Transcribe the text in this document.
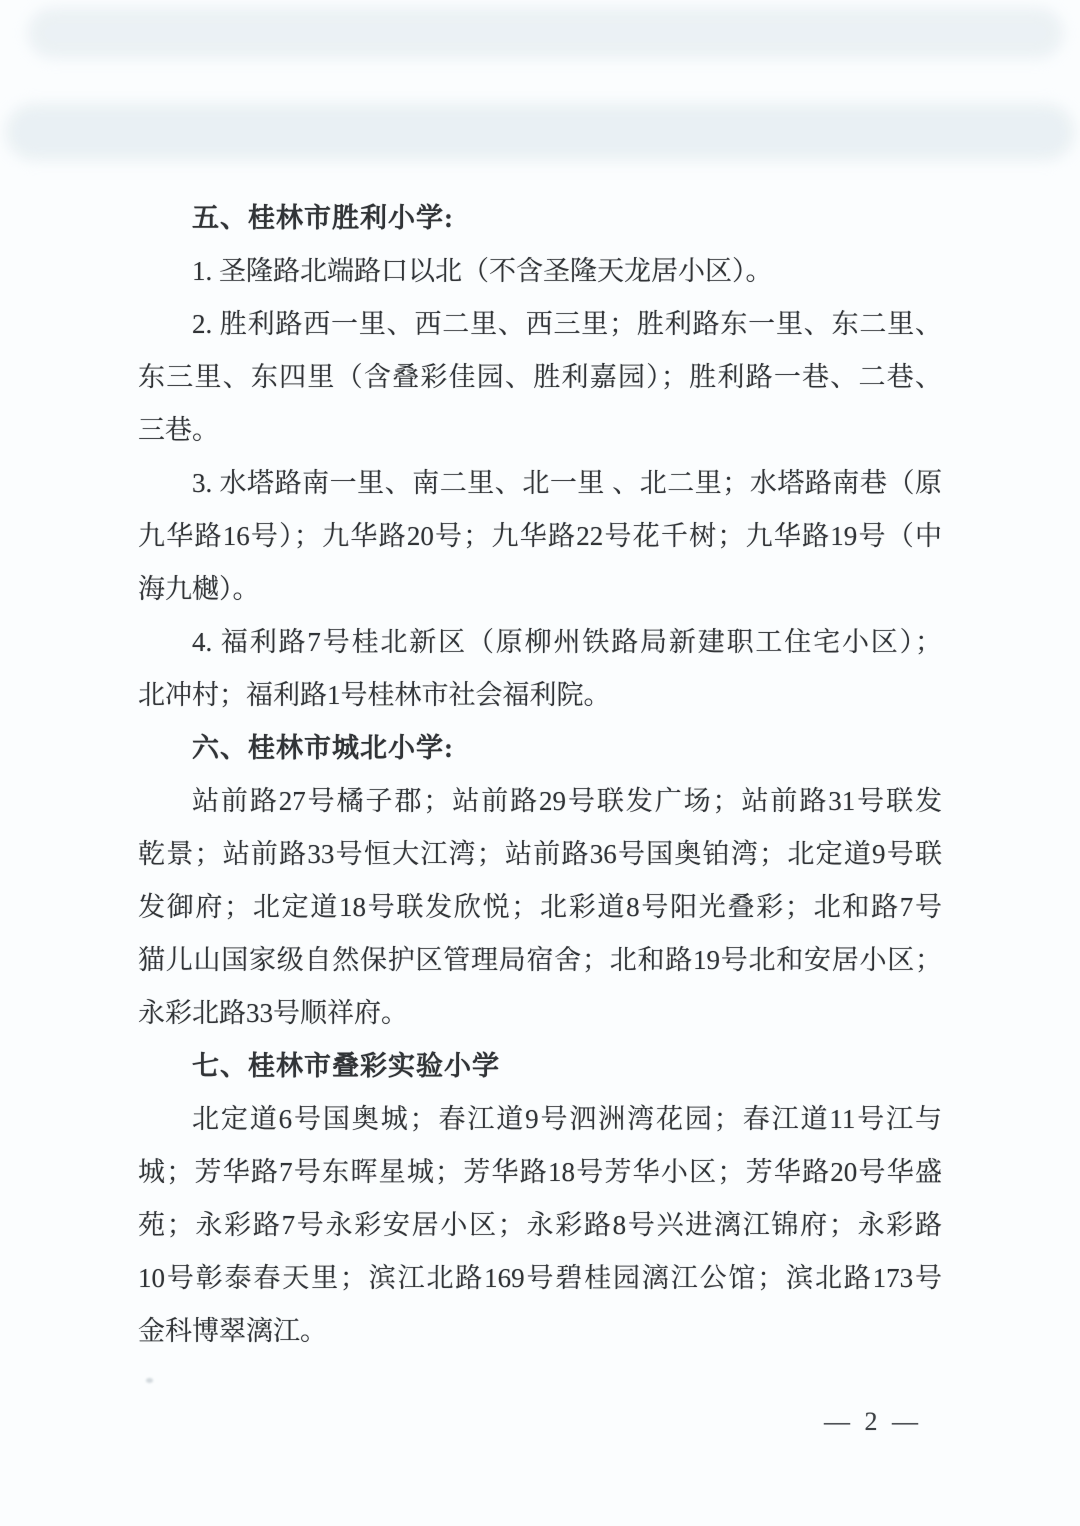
五、桂林市胜利小学:

1. 圣隆路北端路口以北（不含圣隆天龙居小区）。

2. 胜利路西一里、西二里、西三里；胜利路东一里、东二里、

东三里、东四里（含叠彩佳园、胜利嘉园）；胜利路一巷、二巷、

三巷。

3. 水塔路南一里、南二里、北一里 、北二里；水塔路南巷（原

九华路16号）；九华路20号；九华路22号花千树；九华路19号（中

海九樾）。

4. 福利路7号桂北新区（原柳州铁路局新建职工住宅小区）；

北冲村；福利路1号桂林市社会福利院。

六、桂林市城北小学:

站前路27号橘子郡；站前路29号联发广场；站前路31号联发

乾景；站前路33号恒大江湾；站前路36号国奥铂湾；北定道9号联

发御府；北定道18号联发欣悦；北彩道8号阳光叠彩；北和路7号

猫儿山国家级自然保护区管理局宿舍；北和路19号北和安居小区；

永彩北路33号顺祥府。

七、桂林市叠彩实验小学

北定道6号国奥城；春江道9号泗洲湾花园；春江道11号江与

城；芳华路7号东晖星城；芳华路18号芳华小区；芳华路20号华盛

苑；永彩路7号永彩安居小区；永彩路8号兴进漓江锦府；永彩路

10号彰泰春天里；滨江北路169号碧桂园漓江公馆；滨北路173号

金科博翠漓江。

— 2 —
